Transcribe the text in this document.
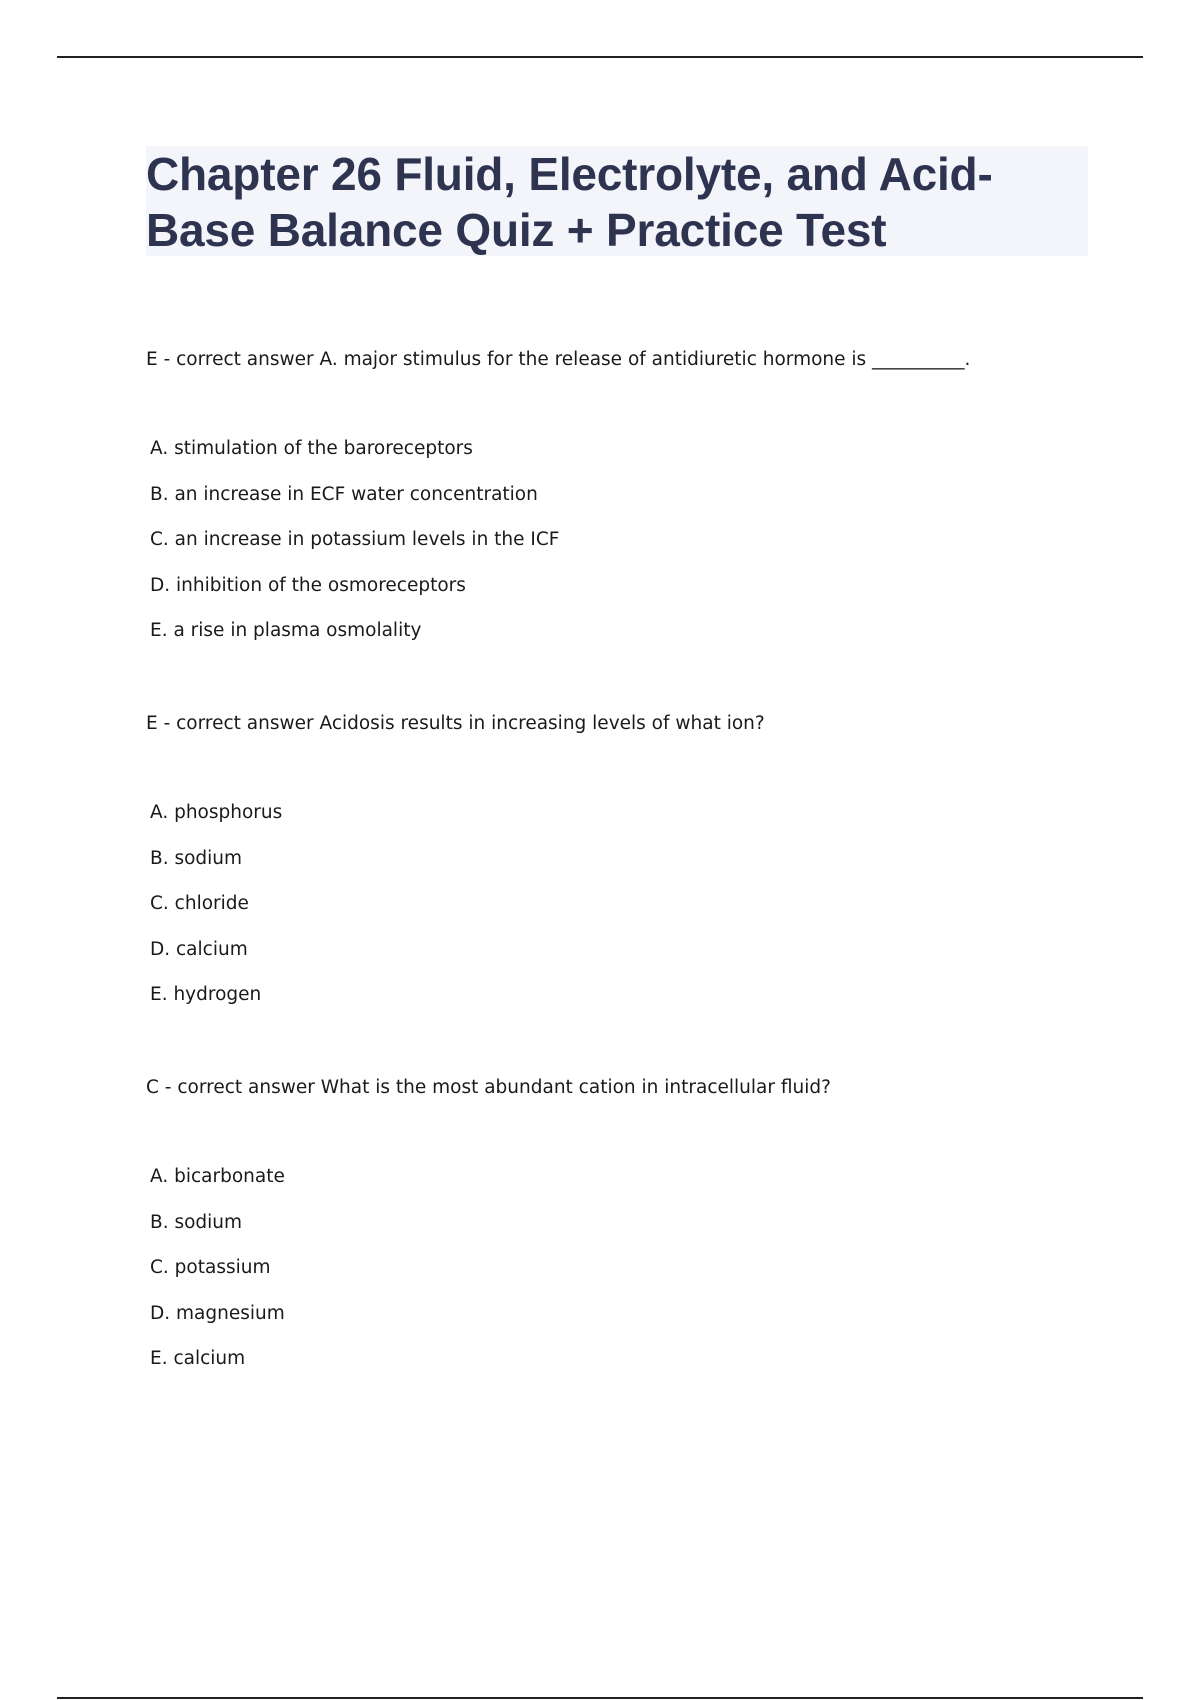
Chapter 26 Fluid, Electrolyte, and Acid-Base Balance Quiz + Practice Test

E - correct answer A. major stimulus for the release of antidiuretic hormone is __________.

A. stimulation of the baroreceptors
B. an increase in ECF water concentration
C. an increase in potassium levels in the ICF
D. inhibition of the osmoreceptors
E. a rise in plasma osmolality

E - correct answer Acidosis results in increasing levels of what ion?

A. phosphorus
B. sodium
C. chloride
D. calcium
E. hydrogen

C - correct answer What is the most abundant cation in intracellular fluid?

A. bicarbonate
B. sodium
C. potassium
D. magnesium
E. calcium
